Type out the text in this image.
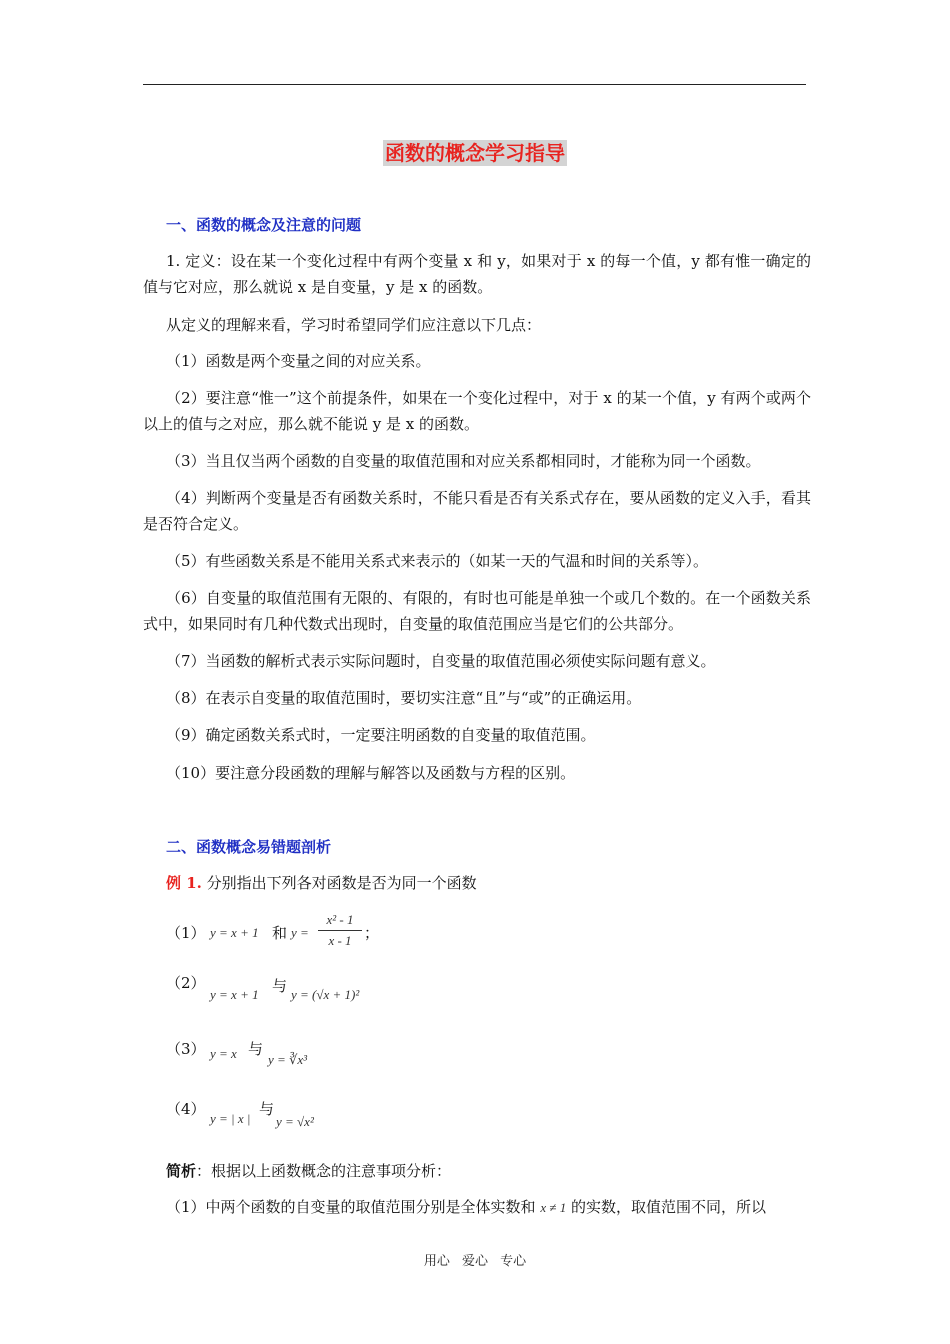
函数的概念学习指导
一、函数的概念及注意的问题
1. 定义：设在某一个变化过程中有两个变量 x 和 y，如果对于 x 的每一个值，y 都有惟一确定的值与它对应，那么就说 x 是自变量，y 是 x 的函数。
从定义的理解来看，学习时希望同学们应注意以下几点：
（1）函数是两个变量之间的对应关系。
（2）要注意“惟一”这个前提条件，如果在一个变化过程中，对于 x 的某一个值，y 有两个或两个以上的值与之对应，那么就不能说 y 是 x 的函数。
（3）当且仅当两个函数的自变量的取值范围和对应关系都相同时，才能称为同一个函数。
（4）判断两个变量是否有函数关系时，不能只看是否有关系式存在，要从函数的定义入手，看其是否符合定义。
（5）有些函数关系是不能用关系式来表示的（如某一天的气温和时间的关系等）。
（6）自变量的取值范围有无限的、有限的，有时也可能是单独一个或几个数的。在一个函数关系式中，如果同时有几种代数式出现时，自变量的取值范围应当是它们的公共部分。
（7）当函数的解析式表示实际问题时，自变量的取值范围必须使实际问题有意义。
（8）在表示自变量的取值范围时，要切实注意“且”与“或”的正确运用。
（9）确定函数关系式时，一定要注明函数的自变量的取值范围。
（10）要注意分段函数的理解与解答以及函数与方程的区别。
二、函数概念易错题剖析
例 1. 分别指出下列各对函数是否为同一个函数
（1） y = x + 1 和 $y = \frac{\text{x² - 1}}{x - 1}$ ；
（2）
y = x + 1 与 y = (√x + 1)²
（3） y = x 与
y = ∛x³
（4）
y = | x |
与
y = √x²
简析：根据以上函数概念的注意事项分析：
（1）中两个函数的自变量的取值范围分别是全体实数和 x ≠ 1 的实数，取值范围不同，所以
用心 爱心 专心
